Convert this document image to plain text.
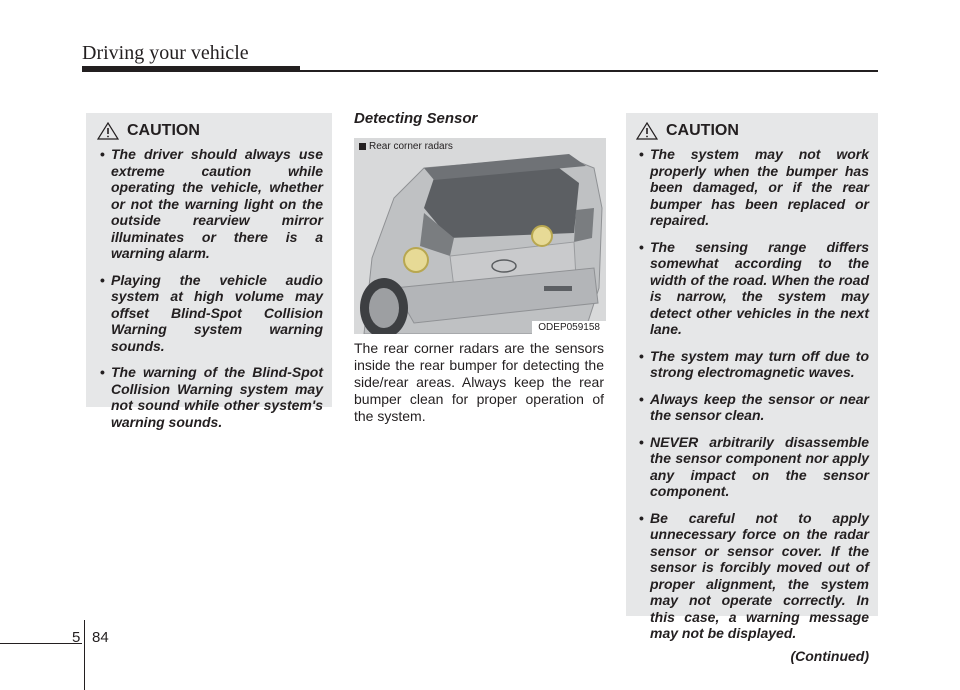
Driving your vehicle
CAUTION
• The driver should always use extreme caution while operating the vehicle, whether or not the warning light on the outside rearview mirror illuminates or there is a warning alarm.
• Playing the vehicle audio system at high volume may offset Blind-Spot Collision Warning system warning sounds.
• The warning of the Blind-Spot Collision Warning system may not sound while other system's warning sounds.
Detecting Sensor
Rear corner radars
ODEP059158
The rear corner radars are the sensors inside the rear bumper for detecting the side/rear areas. Always keep the rear bumper clean for proper operation of the system.
CAUTION
• The system may not work properly when the bumper has been damaged, or if the rear bumper has been replaced or repaired.
• The sensing range differs somewhat according to the width of the road. When the road is narrow, the system may detect other vehicles in the next lane.
• The system may turn off due to strong electromagnetic waves.
• Always keep the sensor or near the sensor clean.
• NEVER arbitrarily disassemble the sensor component nor apply any impact on the sensor component.
• Be careful not to apply unnecessary force on the radar sensor or sensor cover. If the sensor is forcibly moved out of proper alignment, the system may not operate correctly. In this case, a warning message may not be displayed.
(Continued)
5 84
